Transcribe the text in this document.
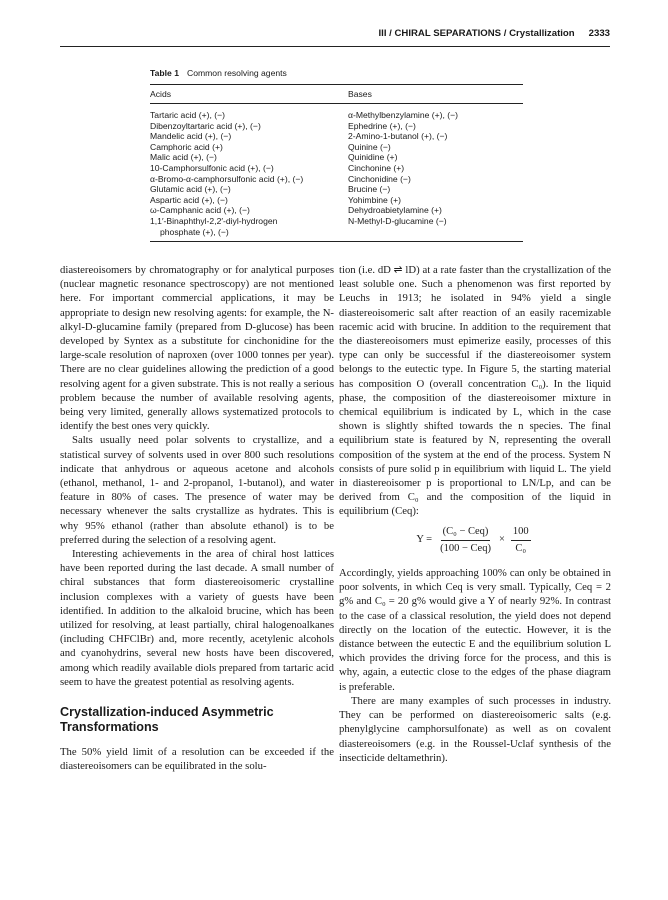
III / CHIRAL SEPARATIONS / Crystallization 2333
Table 1 Common resolving agents
Acids	Bases
Tartaric acid (+), (−)
Dibenzoyltartaric acid (+), (−)
Mandelic acid (+), (−)
Camphoric acid (+)
Malic acid (+), (−)
10-Camphorsulfonic acid (+), (−)
α-Bromo-α-camphorsulfonic acid (+), (−)
Glutamic acid (+), (−)
Aspartic acid (+), (−)
ω-Camphanic acid (+), (−)
1,1′-Binaphthyl-2,2′-diyl-hydrogen
phosphate (+), (−)
α-Methylbenzylamine (+), (−)
Ephedrine (+), (−)
2-Amino-1-butanol (+), (−)
Quinine (−)
Quinidine (+)
Cinchonine (+)
Cinchonidine (−)
Brucine (−)
Yohimbine (+)
Dehydroabietylamine (+)
N-Methyl-D-glucamine (−)

diastereoisomers by chromatography or for analytical purposes (nuclear magnetic resonance spectroscopy) are not mentioned here. For important commercial applications, it may be appropriate to design new resolving agents: for example, the N-alkyl-D-glucamine family (prepared from D-glucose) has been developed by Syntex as a substitute for cinchonidine for the large-scale resolution of naproxen (over 1000 tonnes per year). There are no clear guidelines allowing the prediction of a good resolving agent for a given substrate. This is not really a serious problem because the number of available resolving agents, being very limited, generally allows systematized protocols to identify the best ones very quickly.

Salts usually need polar solvents to crystallize, and a statistical survey of solvents used in over 800 such resolutions indicate that anhydrous or aqueous acetone and alcohols (ethanol, methanol, 1- and 2-propanol, 1-butanol), and water feature in 80% of cases. The presence of water may be necessary whenever the salts crystallize as hydrates. This is why 95% ethanol (rather than absolute ethanol) is to be preferred during the selection of a resolving agent.

Interesting achievements in the area of chiral host lattices have been reported during the last decade. A small number of chiral substances that form diastereoisomeric crystalline inclusion complexes with a variety of guests have been identified. In addition to the alkaloid brucine, which has been utilized for resolving, at least partially, chiral halogenoalkanes (including CHFClBr) and, more recently, acetylenic alcohols and cyanohydrins, several new hosts have been discovered, among which readily available diols prepared from tartaric acid seem to have the greatest potential as resolving agents.

Crystallization-induced Asymmetric Transformations

The 50% yield limit of a resolution can be exceeded if the diastereoisomers can be equilibrated in the solu-

tion (i.e. dD ⇌ lD) at a rate faster than the crystallization of the least soluble one. Such a phenomenon was first reported by Leuchs in 1913; he isolated in 94% yield a single diastereoisomeric salt after reaction of an easily racemizable racemic acid with brucine. In addition to the requirement that the diastereoisomers must epimerize easily, processes of this type can only be successful if the diastereoisomer system belongs to the eutectic type. In Figure 5, the starting material has composition O (overall concentration C₀). In the liquid phase, the composition of the diastereoisomer mixture in chemical equilibrium is indicated by L, which in the case shown is slightly shifted towards the n species. The final equilibrium state is featured by N, representing the overall composition of the system at the end of the process. System N consists of pure solid p in equilibrium with liquid L. The yield in diastereoisomer p is proportional to LN/Lp, and can be derived from C₀ and the composition of the liquid in equilibrium (Ceq):

$Y = \frac{\text{(C₀ − Ceq)}}{\text{(100 − Ceq)}} \times \frac{100}{\text{C₀}}$

Accordingly, yields approaching 100% can only be obtained in poor solvents, in which Ceq is very small. Typically, Ceq = 2 g% and C₀ = 20 g% would give a Y of nearly 92%. In contrast to the case of a classical resolution, the yield does not depend directly on the location of the eutectic. However, it is the distance between the eutectic E and the equilibrium solution L which provides the driving force for the process, and this is why, again, a eutectic close to the edges of the phase diagram is preferable.

There are many examples of such processes in industry. They can be performed on diastereoisomeric salts (e.g. phenylglycine camphorsulfonate) as well as on covalent diastereoisomers (e.g. in the Roussel-Uclaf synthesis of the insecticide deltamethrin).
